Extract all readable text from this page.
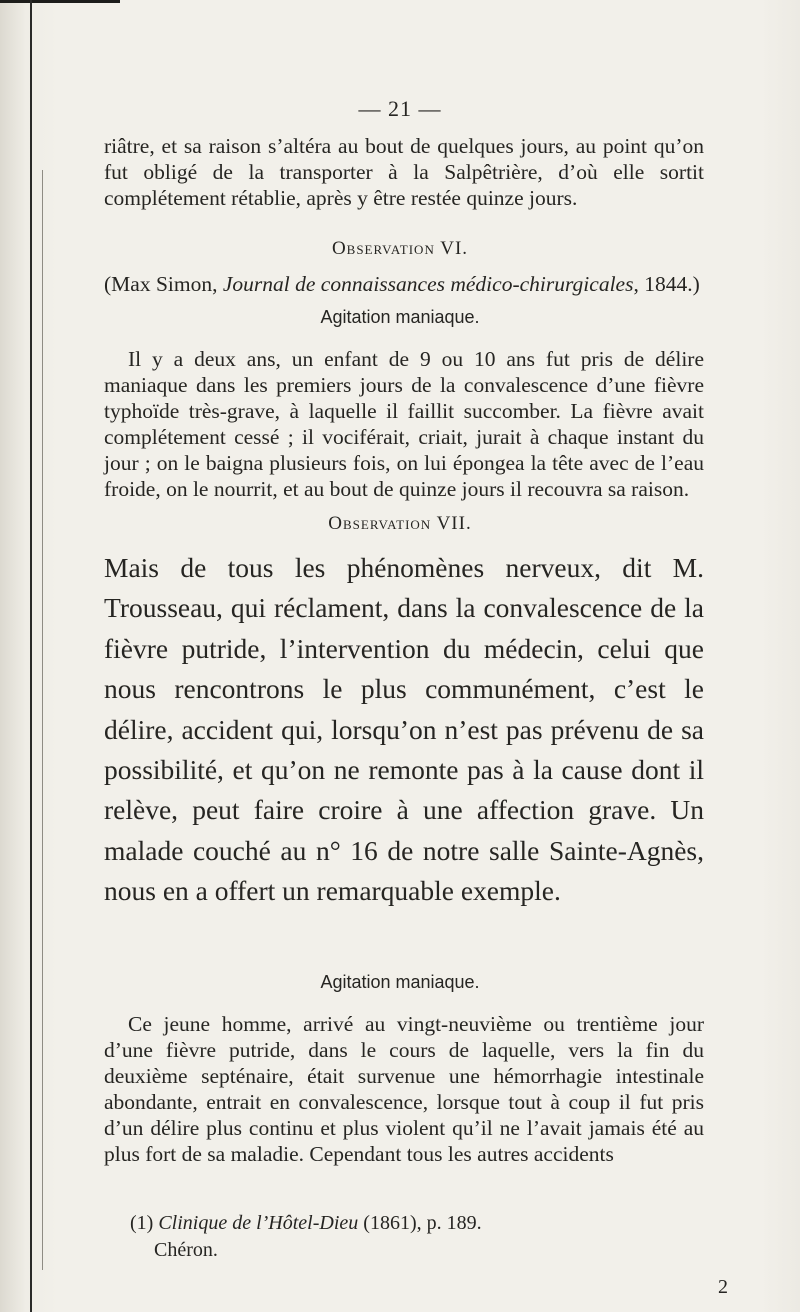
— 21 —

riâtre, et sa raison s’altéra au bout de quelques jours, au point qu’on fut obligé de la transporter à la Salpêtrière, d’où elle sortit complétement rétablie, après y être restée quinze jours.

Observation VI.
(Max Simon, Journal de connaissances médico-chirurgicales, 1844.)
Agitation maniaque.

Il y a deux ans, un enfant de 9 ou 10 ans fut pris de délire maniaque dans les premiers jours de la convalescence d’une fièvre typhoïde très-grave, à laquelle il faillit succomber. La fièvre avait complétement cessé ; il vociférait, criait, jurait à chaque instant du jour ; on le baigna plusieurs fois, on lui épongea la tête avec de l’eau froide, on le nourrit, et au bout de quinze jours il recouvra sa raison.

Observation VII.

Mais de tous les phénomènes nerveux, dit M. Trousseau, qui réclament, dans la convalescence de la fièvre putride, l’intervention du médecin, celui que nous rencontrons le plus communément, c’est le délire, accident qui, lorsqu’on n’est pas prévenu de sa possibilité, et qu’on ne remonte pas à la cause dont il relève, peut faire croire à une affection grave. Un malade couché au n° 16 de notre salle Sainte-Agnès, nous en a offert un remarquable exemple.

Agitation maniaque.

Ce jeune homme, arrivé au vingt-neuvième ou trentième jour d’une fièvre putride, dans le cours de laquelle, vers la fin du deuxième septénaire, était survenue une hémorrhagie intestinale abondante, entrait en convalescence, lorsque tout à coup il fut pris d’un délire plus continu et plus violent qu’il ne l’avait jamais été au plus fort de sa maladie. Cependant tous les autres accidents

(1) Clinique de l’Hôtel-Dieu (1861), p. 189.
Chéron.
2
